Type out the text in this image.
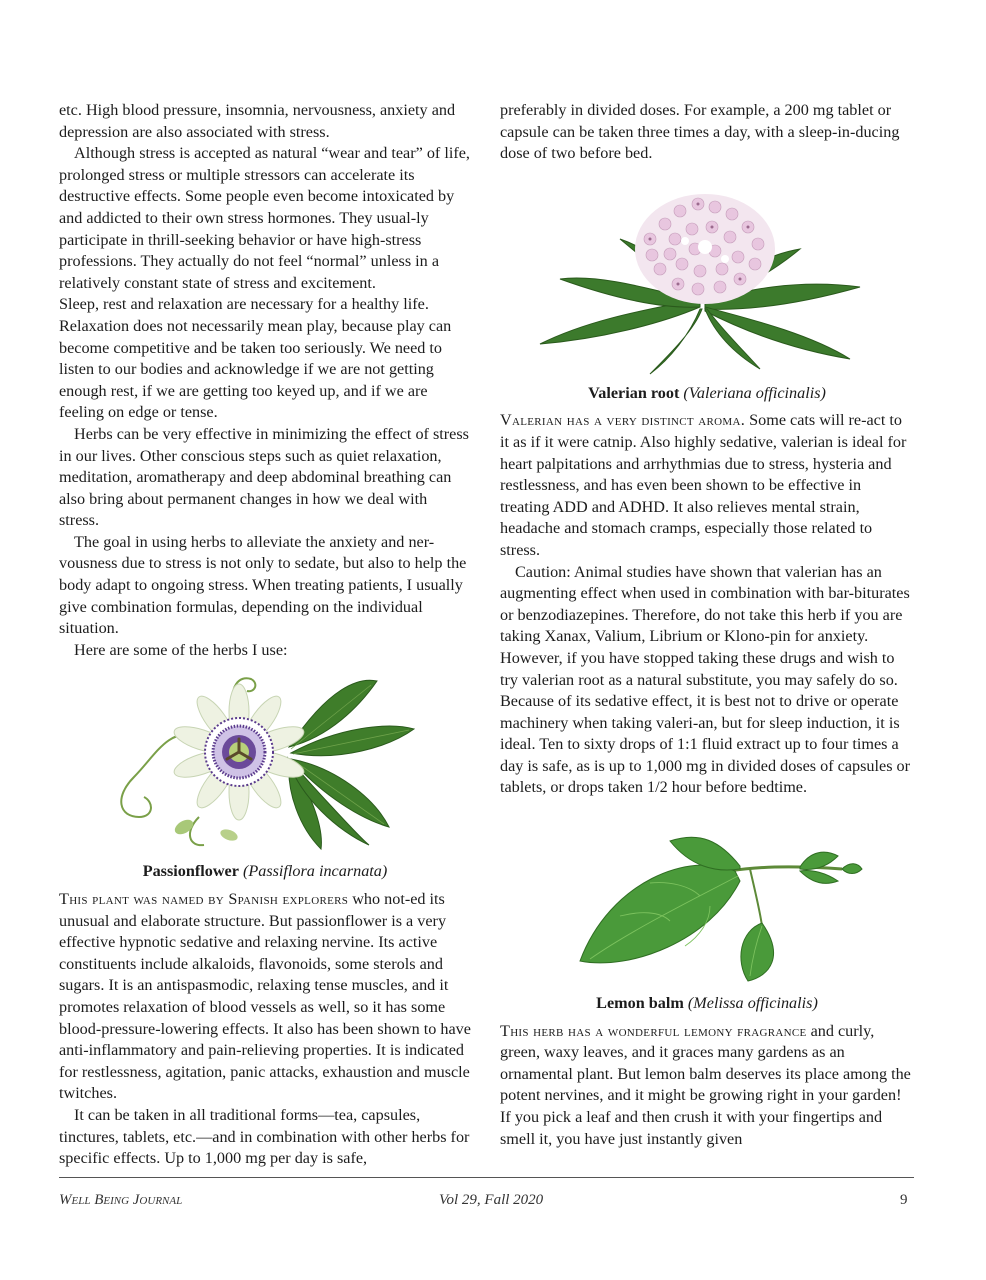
etc. High blood pressure, insomnia, nervousness, anxiety and depression are also associated with stress.

Although stress is accepted as natural “wear and tear” of life, prolonged stress or multiple stressors can accelerate its destructive effects. Some people even become intoxicated by and addicted to their own stress hormones. They usual-ly participate in thrill-seeking behavior or have high-stress professions. They actually do not feel “normal” unless in a relatively constant state of stress and excitement.

Sleep, rest and relaxation are necessary for a healthy life. Relaxation does not necessarily mean play, because play can become competitive and be taken too seriously. We need to listen to our bodies and acknowledge if we are not getting enough rest, if we are getting too keyed up, and if we are feeling on edge or tense.

Herbs can be very effective in minimizing the effect of stress in our lives. Other conscious steps such as quiet relaxation, meditation, aromatherapy and deep abdominal breathing can also bring about permanent changes in how we deal with stress.

The goal in using herbs to alleviate the anxiety and ner-vousness due to stress is not only to sedate, but also to help the body adapt to ongoing stress. When treating patients, I usually give combination formulas, depending on the individual situation.

Here are some of the herbs I use:

Passionflower (Passiflora incarnata)

This plant was named by Spanish explorers who not-ed its unusual and elaborate structure. But passionflower is a very effective hypnotic sedative and relaxing nervine. Its active constituents include alkaloids, flavonoids, some sterols and sugars. It is an antispasmodic, relaxing tense muscles, and it promotes relaxation of blood vessels as well, so it has some blood-pressure-lowering effects. It also has been shown to have anti-inflammatory and pain-relieving properties. It is indicated for restlessness, agitation, panic attacks, exhaustion and muscle twitches.

It can be taken in all traditional forms—tea, capsules, tinctures, tablets, etc.—and in combination with other herbs for specific effects. Up to 1,000 mg per day is safe,

preferably in divided doses. For example, a 200 mg tablet or capsule can be taken three times a day, with a sleep-in-ducing dose of two before bed.

Valerian root (Valeriana officinalis)

Valerian has a very distinct aroma. Some cats will re-act to it as if it were catnip. Also highly sedative, valerian is ideal for heart palpitations and arrhythmias due to stress, hysteria and restlessness, and has even been shown to be effective in treating ADD and ADHD. It also relieves mental strain, headache and stomach cramps, especially those related to stress.

Caution: Animal studies have shown that valerian has an augmenting effect when used in combination with bar-biturates or benzodiazepines. Therefore, do not take this herb if you are taking Xanax, Valium, Librium or Klono-pin for anxiety. However, if you have stopped taking these drugs and wish to try valerian root as a natural substitute, you may safely do so. Because of its sedative effect, it is best not to drive or operate machinery when taking valeri-an, but for sleep induction, it is ideal. Ten to sixty drops of 1:1 fluid extract up to four times a day is safe, as is up to 1,000 mg in divided doses of capsules or tablets, or drops taken 1/2 hour before bedtime.

Lemon balm (Melissa officinalis)

This herb has a wonderful lemony fragrance and curly, green, waxy leaves, and it graces many gardens as an ornamental plant. But lemon balm deserves its place among the potent nervines, and it might be growing right in your garden! If you pick a leaf and then crush it with your fingertips and smell it, you have just instantly given

Well Being Journal	Vol 29, Fall 2020	9
